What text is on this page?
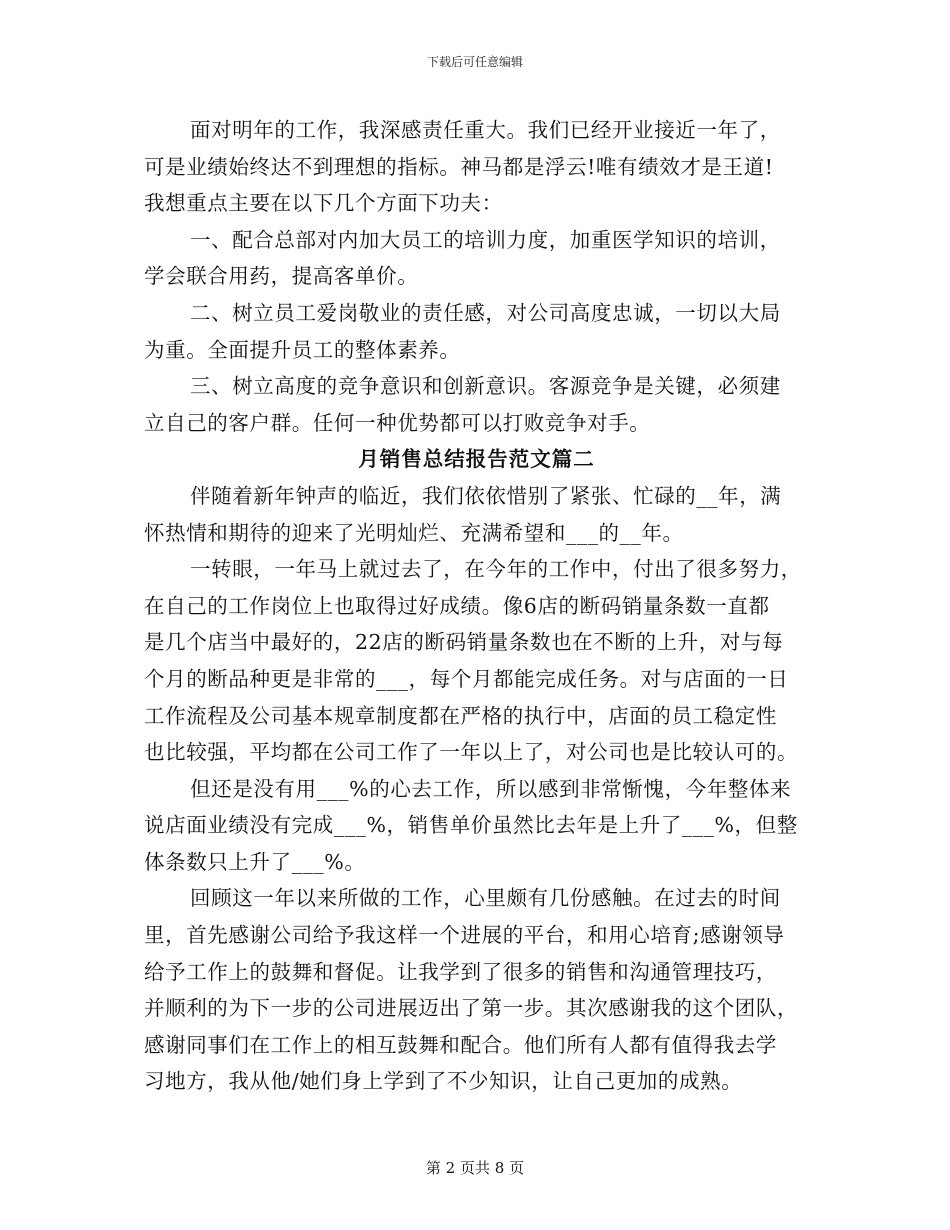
下载后可任意编辑
面对明年的工作，我深感责任重大。我们已经开业接近一年了，
可是业绩始终达不到理想的指标。神马都是浮云!唯有绩效才是王道!
我想重点主要在以下几个方面下功夫：
一、配合总部对内加大员工的培训力度，加重医学知识的培训，
学会联合用药，提高客单价。
二、树立员工爱岗敬业的责任感，对公司高度忠诚，一切以大局
为重。全面提升员工的整体素养。
三、树立高度的竞争意识和创新意识。客源竞争是关键，必须建
立自己的客户群。任何一种优势都可以打败竞争对手。
月销售总结报告范文篇二
伴随着新年钟声的临近，我们依依惜别了紧张、忙碌的__年，满
怀热情和期待的迎来了光明灿烂、充满希望和___的__年。
一转眼，一年马上就过去了，在今年的工作中，付出了很多努力，
在自己的工作岗位上也取得过好成绩。像6店的断码销量条数一直都
是几个店当中最好的，22店的断码销量条数也在不断的上升，对与每
个月的断品种更是非常的___，每个月都能完成任务。对与店面的一日
工作流程及公司基本规章制度都在严格的执行中，店面的员工稳定性
也比较强，平均都在公司工作了一年以上了，对公司也是比较认可的。
但还是没有用___%的心去工作，所以感到非常惭愧，今年整体来
说店面业绩没有完成___%，销售单价虽然比去年是上升了___%，但整
体条数只上升了___%。
回顾这一年以来所做的工作，心里颇有几份感触。在过去的时间
里，首先感谢公司给予我这样一个进展的平台，和用心培育;感谢领导
给予工作上的鼓舞和督促。让我学到了很多的销售和沟通管理技巧，
并顺利的为下一步的公司进展迈出了第一步。其次感谢我的这个团队，
感谢同事们在工作上的相互鼓舞和配合。他们所有人都有值得我去学
习地方，我从他/她们身上学到了不少知识，让自己更加的成熟。
第 2 页共 8 页
